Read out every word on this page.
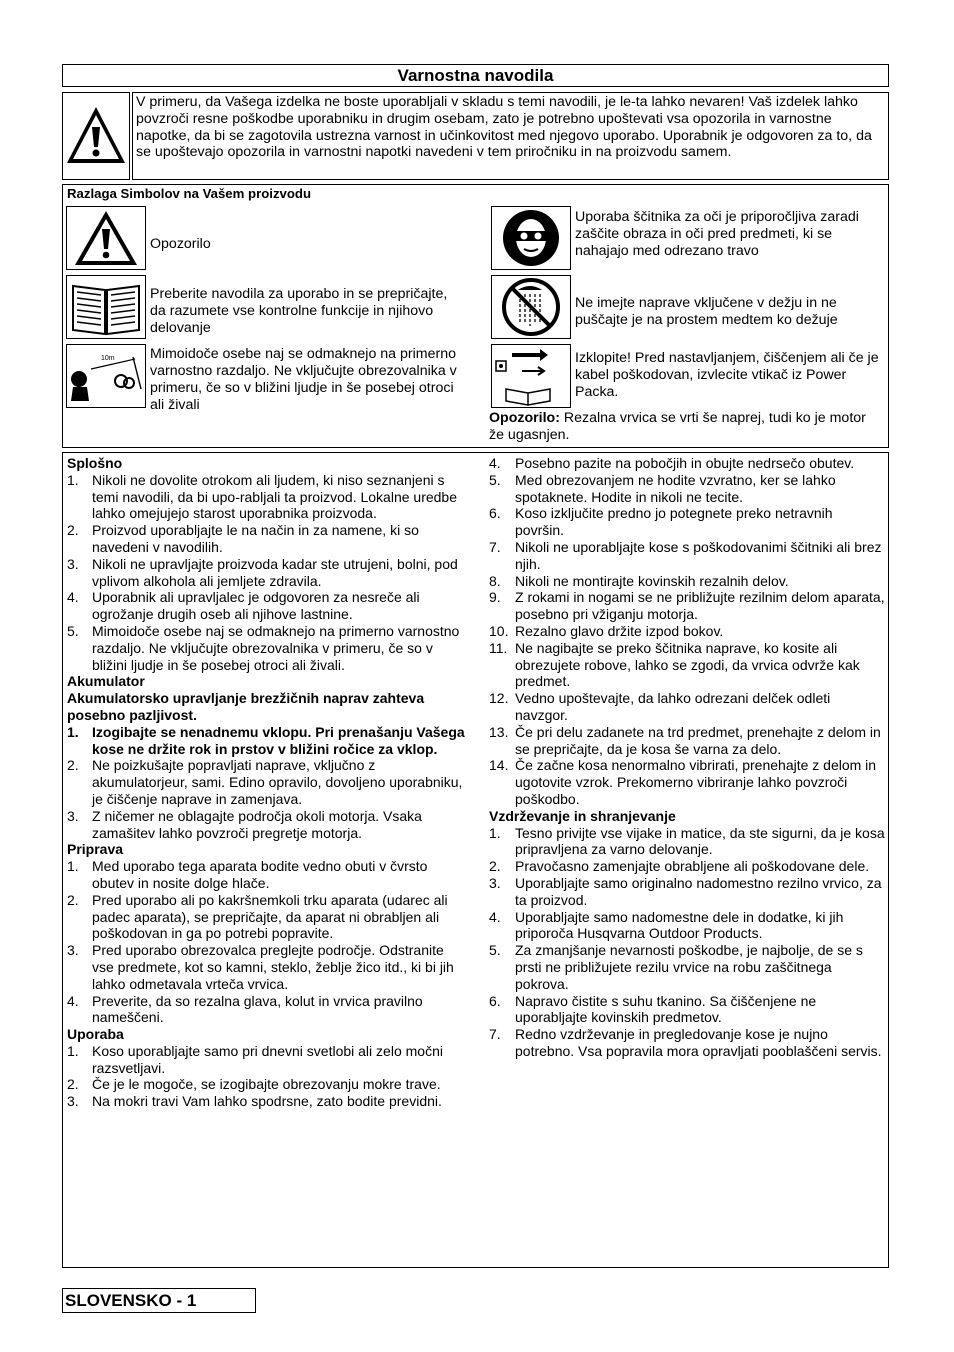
Varnostna navodila
V primeru, da Vašega izdelka ne boste uporabljali v skladu s temi navodili, je le-ta lahko nevaren! Vaš izdelek lahko povzroči resne poškodbe uporabniku in drugim osebam, zato je potrebno upoštevati vsa opozorila in varnostne napotke, da bi se zagotovila ustrezna varnost in učinkovitost med njegovo uporabo. Uporabnik je odgovoren za to, da se upoštevajo opozorila in varnostni napotki navedeni v tem priročniku in na proizvodu samem.
Razlaga Simbolov na Vašem proizvodu
Opozorilo
Preberite navodila za uporabo in se prepričajte, da razumete vse kontrolne funkcije in njihovo delovanje
10m Mimoidoče osebe naj se odmaknejo na primerno varnostno razdaljo. Ne vključujte obrezovalnika v primeru, če so v bližini ljudje in še posebej otroci ali živali
Uporaba ščitnika za oči je priporočljiva zaradi zaščite obraza in oči pred predmeti, ki se nahajajo med odrezano travo
Ne imejte naprave vključene v dežju in ne puščajte je na prostem medtem ko dežuje
Izklopite! Pred nastavljanjem, čiščenjem ali če je kabel poškodovan, izvlecite vtikač iz Power Packa.
Opozorilo: Rezalna vrvica se vrti še naprej, tudi ko je motor že ugasnjen.
Splošno
1. Nikoli ne dovolite otrokom ali ljudem, ki niso seznanjeni s temi navodili, da bi upo-rabljali ta proizvod. Lokalne uredbe lahko omejujejo starost uporabnika proizvoda.
2. Proizvod uporabljajte le na način in za namene, ki so navedeni v navodilih.
3. Nikoli ne upravljajte proizvoda kadar ste utrujeni, bolni, pod vplivom alkohola ali jemljete zdravila.
4. Uporabnik ali upravljalec je odgovoren za nesreče ali ogrožanje drugih oseb ali njihove lastnine.
5. Mimoidoče osebe naj se odmaknejo na primerno varnostno razdaljo. Ne vključujte obrezovalnika v primeru, če so v bližini ljudje in še posebej otroci ali živali.
Akumulator
Akumulatorsko upravljanje brezžičnih naprav zahteva posebno pazljivost.
1. Izogibajte se nenadnemu vklopu. Pri prenašanju Vašega kose ne držite rok in prstov v bližini ročice za vklop.
2. Ne poizkušajte popravljati naprave, vključno z akumulatorjeur, sami. Edino opravilo, dovoljeno uporabniku, je čiščenje naprave in zamenjava.
3. Z ničemer ne oblagajte področja okoli motorja. Vsaka zamašitev lahko povzroči pregretje motorja.
Priprava
1. Med uporabo tega aparata bodite vedno obuti v čvrsto obutev in nosite dolge hlače.
2. Pred uporabo ali po kakršnemkoli trku aparata (udarec ali padec aparata), se prepričajte, da aparat ni obrabljen ali poškodovan in ga po potrebi popravite.
3. Pred uporabo obrezovalca preglejte področje. Odstranite vse predmete, kot so kamni, steklo, žeblje žico itd., ki bi jih lahko odmetavala vrteča vrvica.
4. Preverite, da so rezalna glava, kolut in vrvica pravilno nameščeni.
Uporaba
1. Koso uporabljajte samo pri dnevni svetlobi ali zelo močni razsvetljavi.
2. Če je le mogoče, se izogibajte obrezovanju mokre trave.
3. Na mokri travi Vam lahko spodrsne, zato bodite previdni.
4.	Posebno pazite na pobočjih in obujte nedrsečo obutev.
5.	Med obrezovanjem ne hodite vzvratno, ker se lahko spotaknete. Hodite in nikoli ne tecite.
6.	Koso izključite predno jo potegnete preko netravnih površin.
7.	Nikoli ne uporabljajte kose s poškodovanimi ščitniki ali brez njih.
8.	Nikoli ne montirajte kovinskih rezalnih delov.
9.	Z rokami in nogami se ne približujte rezilnim delom aparata, posebno pri vžiganju motorja.
10. Rezalno glavo držite izpod bokov.
11. Ne nagibajte se preko ščitnika naprave, ko kosite ali obrezujete robove, lahko se zgodi, da vrvica odvrže kak predmet.
12. Vedno upoštevajte, da lahko odrezani delček odleti navzgor.
13. Če pri delu zadanete na trd predmet, prenehajte z delom in se prepričajte, da je kosa še varna za delo.
14. Če začne kosa nenormalno vibrirati, prenehajte z delom in ugotovite vzrok. Prekomerno vibriranje lahko povzroči poškodbo.
Vzdrževanje in shranjevanje
1.	Tesno privijte vse vijake in matice, da ste sigurni, da je kosa pripravljena za varno delovanje.
2.	Pravočasno zamenjajte obrabljene ali poškodovane dele.
3.	Uporabljajte samo originalno nadomestno rezilno vrvico, za ta proizvod.
4.	Uporabljajte samo nadomestne dele in dodatke, ki jih priporoča Husqvarna Outdoor Products.
5.	Za zmanjšanje nevarnosti poškodbe, je najbolje, de se s prsti ne približujete rezilu vrvice na robu zaščitnega pokrova.
6.	Napravo čistite s suhu tkanino. Sa čiščenjene ne uporabljajte kovinskih predmetov.
7.	Redno vzdrževanje in pregledovanje kose je nujno potrebno. Vsa popravila mora opravljati pooblaščeni servis.
SLOVENSKO - 1
